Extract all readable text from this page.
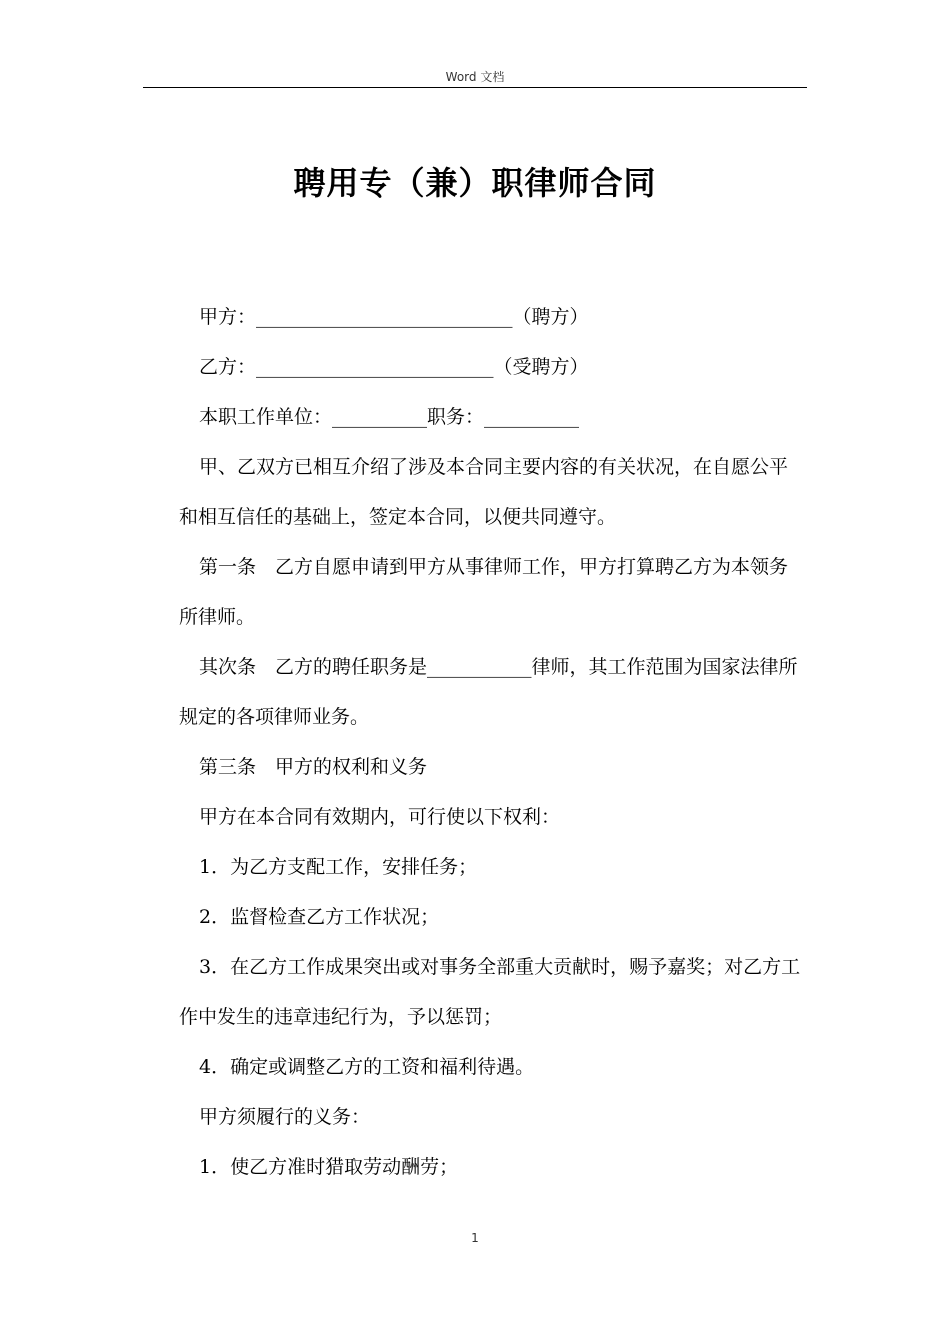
Word 文档
聘用专（兼）职律师合同

甲方：___________________________（聘方）

乙方：_________________________（受聘方）

本职工作单位：__________职务：__________

甲、乙双方已相互介绍了涉及本合同主要内容的有关状况，在自愿公平和相互信任的基础上，签定本合同，以便共同遵守。

第一条　乙方自愿申请到甲方从事律师工作，甲方打算聘乙方为本领务所律师。

其次条　乙方的聘任职务是___________律师，其工作范围为国家法律所规定的各项律师业务。

第三条　甲方的权利和义务

甲方在本合同有效期内，可行使以下权利：

1．为乙方支配工作，安排任务；

2．监督检查乙方工作状况；

3．在乙方工作成果突出或对事务全部重大贡献时，赐予嘉奖；对乙方工作中发生的违章违纪行为，予以惩罚；

4．确定或调整乙方的工资和福利待遇。

甲方须履行的义务：

1．使乙方准时猎取劳动酬劳；

1
